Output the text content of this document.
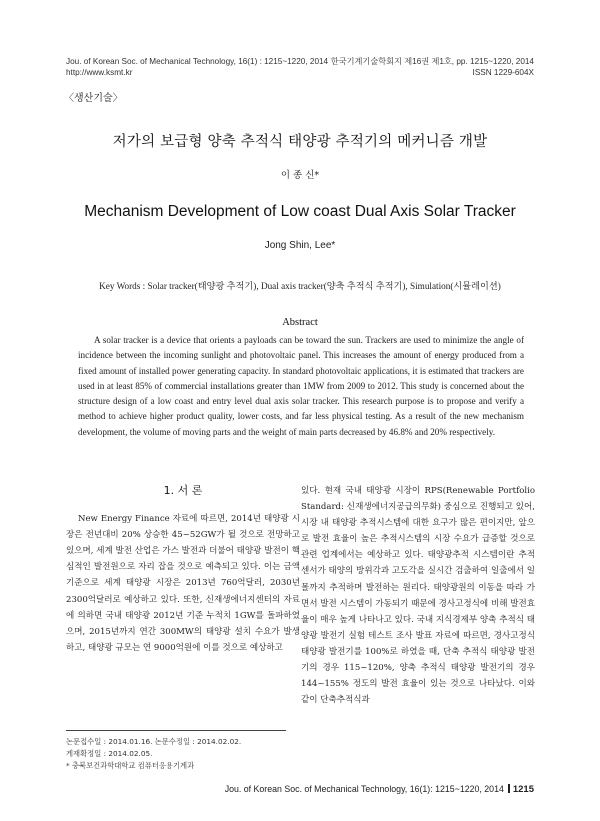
Jou. of Korean Soc. of Mechanical Technology, 16(1) : 1215~1220, 2014
http://www.ksmt.kr
한국기계기술학회지 제16권 제1호, pp. 1215~1220, 2014
ISSN 1229-604X
〈생산기술〉
저가의 보급형 양축 추적식 태양광 추적기의 메커니즘 개발
이 종 신*
Mechanism Development of Low coast Dual Axis Solar Tracker
Jong Shin, Lee*
Key Words : Solar tracker(태양광 추적기), Dual axis tracker(양축 추적식 추적기), Simulation(시뮬레이션)
Abstract
A solar tracker is a device that orients a payloads can be toward the sun. Trackers are used to minimize the angle of incidence between the incoming sunlight and photovoltaic panel. This increases the amount of energy produced from a fixed amount of installed power generating capacity. In standard photovoltaic applications, it is estimated that trackers are used in at least 85% of commercial installations greater than 1MW from 2009 to 2012. This study is concerned about the structure design of a low coast and entry level dual axis solar tracker. This research purpose is to propose and verify a method to achieve higher product quality, lower costs, and far less physical testing. As a result of the new mechanism development, the volume of moving parts and the weight of main parts decreased by 46.8% and 20% respectively.
1. 서 론

New Energy Finance 자료에 따르면, 2014년 태양광 시장은 전년대비 20% 상승한 45~52GW가 될 것으로 전망하고 있으며, 세계 발전 산업은 가스 발전과 더불어 태양광 발전이 핵심적인 발전원으로 자리 잡을 것으로 예측되고 있다. 이는 금액 기준으로 세계 태양광 시장은 2013년 760억달러, 2030년 2300억달러로 예상하고 있다. 또한, 신재생에너지센터의 자료에 의하면 국내 태양광 2012년 기준 누적치 1GW를 돌파하였으며, 2015년까지 연간 300MW의 태양광 설치 수요가 발생하고, 태양광 규모는 연 9000억원에 이를 것으로 예상하고

있다. 현재 국내 태양광 시장이 RPS(Renewable Portfolio Standard: 신재생에너지공급의무화) 중심으로 진행되고 있어, 시장 내 태양광 추적시스템에 대한 요구가 많은 편이지만, 앞으로 발전 효율이 높은 추적시스템의 시장 수요가 급증할 것으로 관련 업계에서는 예상하고 있다. 태양광추적 시스템이란 추적 센서가 태양의 방위각과 고도각을 실시간 검출하여 일출에서 일몰까지 추적하며 발전하는 원리다. 태양광원의 이동을 따라 가면서 발전 시스템이 가동되기 때문에 경사고정식에 비해 발전효율이 매우 높게 나타나고 있다. 국내 지식경제부 양축 추적식 태양광 발전기 실험 테스트 조사 발표 자료에 따르면, 경사고정식 태양광 발전기를 100%로 하였을 때, 단축 추적식 태양광 발전기의 경우 115~120%, 양축 추적식 태양광 발전기의 경우 144~155% 정도의 발전 효율이 있는 것으로 나타났다. 이와 같이 단축추적식과

논문접수일 : 2014.01.16. 논문수정일 : 2014.02.02.
게재확정일 : 2014.02.05.
* 충북보건과학대학교 컴퓨터응용기계과
Jou. of Korean Soc. of Mechanical Technology, 16(1): 1215~1220, 2014 1215
